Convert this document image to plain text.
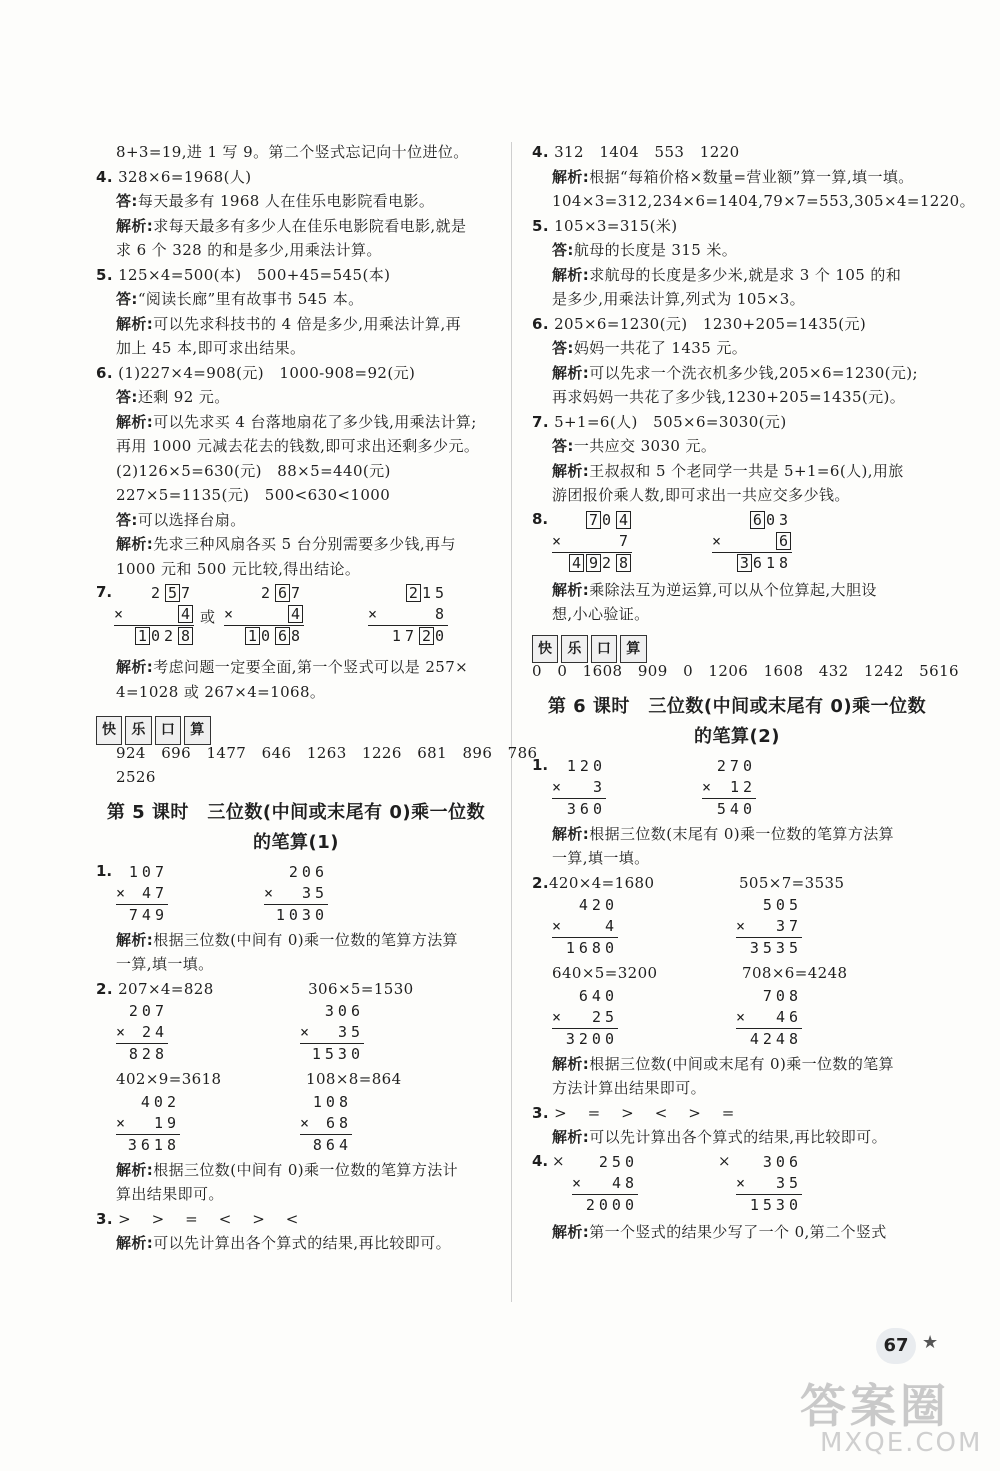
8+3=19,进 1 写 9。第二个竖式忘记向十位进位。
4. 328×6=1968(人)
答:每天最多有 1968 人在佳乐电影院看电影。
解析:求每天最多有多少人在佳乐电影院看电影,就是
求 6 个 328 的和是多少,用乘法计算。
5. 125×4=500(本)　500+45=545(本)
答:“阅读长廊”里有故事书 545 本。
解析:可以先求科技书的 4 倍是多少,用乘法计算,再
加上 45 本,即可求出结果。
6. (1)227×4=908(元)　1000-908=92(元)
答:还剩 92 元。
解析:可以先求买 4 台落地扇花了多少钱,用乘法计算;
再用 1000 元减去花去的钱数,即可求出还剩多少元。
(2)126×5=630(元)　88×5=440(元)
227×5=1135(元)　500<630<1000
答:可以选择台扇。
解析:先求三种风扇各买 5 台分别需要多少钱,再与
1000 元和 500 元比较,得出结论。
7.	2 5 7
×	4
1 02 8
或
2 6 7
×	4
1 0 6 8
2 15
×	8
17 2 0
解析:考虑问题一定要全面,第一个竖式可以是 257×
4=1028 或 267×4=1068。
快 乐 口 算
924　696　1477　646　1263　1226　681　896　786
2526
第 5 课时　三位数(中间或末尾有 0)乘一位数
的笔算(1)
1.	107
× 47
749
206
× 35
1030
解析:根据三位数(中间有 0)乘一位数的笔算方法算
一算,填一填。
2. 207×4=828	306×5=1530
207
× 24
828
306
× 35
1530
402×9=3618	108×8=864
402
× 19
3618
108
× 68
864
解析:根据三位数(中间有 0)乘一位数的笔算方法计
算出结果即可。
3. > 　> 　= 　< 　> 　<
解析:可以先计算出各个算式的结果,再比较即可。
4. 312　1404　553　1220
解析:根据“每箱价格×数量=营业额”算一算,填一填。
104×3=312,234×6=1404,79×7=553,305×4=1220。
5. 105×3=315(米)
答:航母的长度是 315 米。
解析:求航母的长度是多少米,就是求 3 个 105 的和
是多少,用乘法计算,列式为 105×3。
6. 205×6=1230(元)　1230+205=1435(元)
答:妈妈一共花了 1435 元。
解析:可以先求一个洗衣机多少钱,205×6=1230(元);
再求妈妈一共花了多少钱,1230+205=1435(元)。
7. 5+1=6(人)　505×6=3030(元)
答:一共应交 3030 元。
解析:王叔叔和 5 个老同学一共是 5+1=6(人),用旅
游团报价乘人数,即可求出一共应交多少钱。
8.	7 0 4
×	7
4 9 2 8
6 03
×	6
3 618
解析:乘除法互为逆运算,可以从个位算起,大胆设
想,小心验证。
快 乐 口 算
0　0　1608　909　0　1206　1608　432　1242　5616
第 6 课时　三位数(中间或末尾有 0)乘一位数
的笔算(2)
1.	120
× 3
360
270
× 12
540
解析:根据三位数(末尾有 0)乘一位数的笔算方法算
一算,填一填。
2.420×4=1680	505×7=3535
420
×	4
1680
505
× 37
3535
640×5=3200	708×6=4248
640
× 25
3200
708
× 46
4248
解析:根据三位数(中间或末尾有 0)乘一位数的笔算
方法计算出结果即可。
3. > 　= 　> 　< 　> 　=
解析:可以先计算出各个算式的结果,再比较即可。
4. ×	250
× 48
2000
×	306
× 35
1530
解析:第一个竖式的结果少写了一个 0,第二个竖式
67 ★
答案圈
MXQE.COM
